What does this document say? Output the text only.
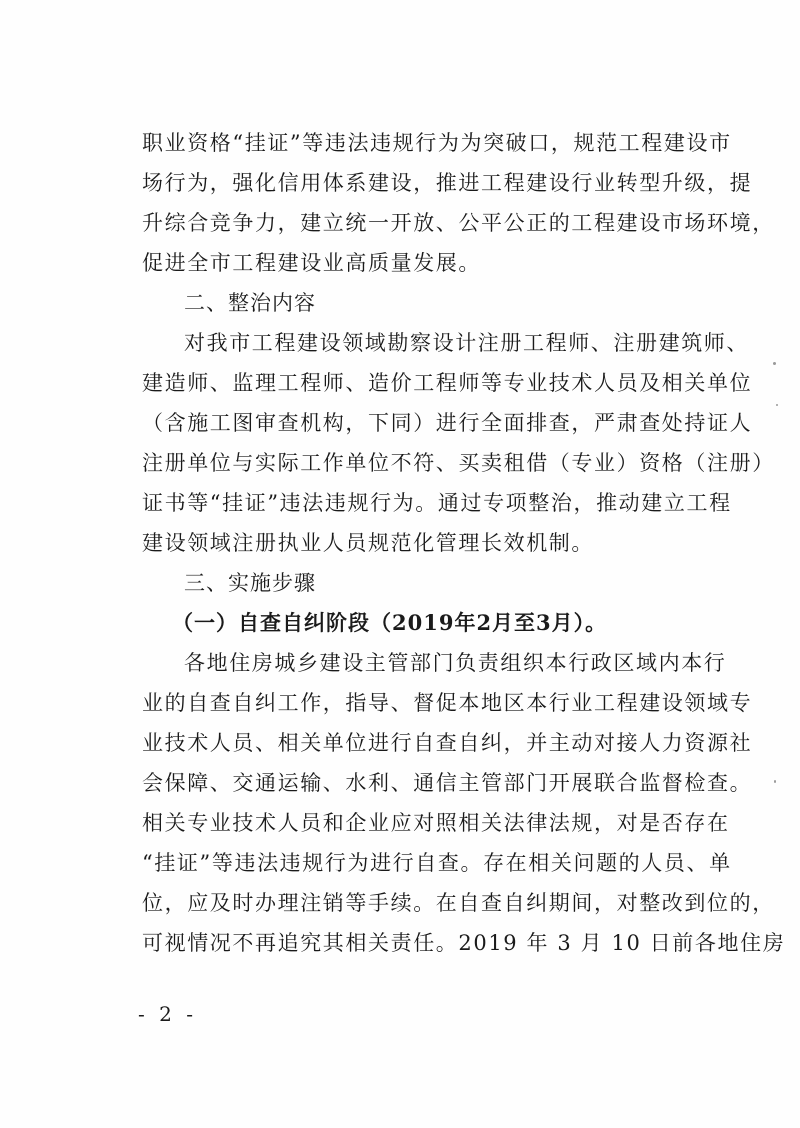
职业资格“挂证”等违法违规行为为突破口，规范工程建设市
场行为，强化信用体系建设，推进工程建设行业转型升级，提
升综合竞争力，建立统一开放、公平公正的工程建设市场环境，
促进全市工程建设业高质量发展。
二、整治内容
对我市工程建设领域勘察设计注册工程师、注册建筑师、
建造师、监理工程师、造价工程师等专业技术人员及相关单位
（含施工图审查机构，下同）进行全面排查，严肃查处持证人
注册单位与实际工作单位不符、买卖租借（专业）资格（注册）
证书等“挂证”违法违规行为。通过专项整治，推动建立工程
建设领域注册执业人员规范化管理长效机制。
三、实施步骤
（一）自查自纠阶段（2019年2月至3月）。
各地住房城乡建设主管部门负责组织本行政区域内本行
业的自查自纠工作，指导、督促本地区本行业工程建设领域专
业技术人员、相关单位进行自查自纠，并主动对接人力资源社
会保障、交通运输、水利、通信主管部门开展联合监督检查。
相关专业技术人员和企业应对照相关法律法规，对是否存在
“挂证”等违法违规行为进行自查。存在相关问题的人员、单
位，应及时办理注销等手续。在自查自纠期间，对整改到位的，
可视情况不再追究其相关责任。2019 年 3 月 10 日前各地住房
- 2 -
